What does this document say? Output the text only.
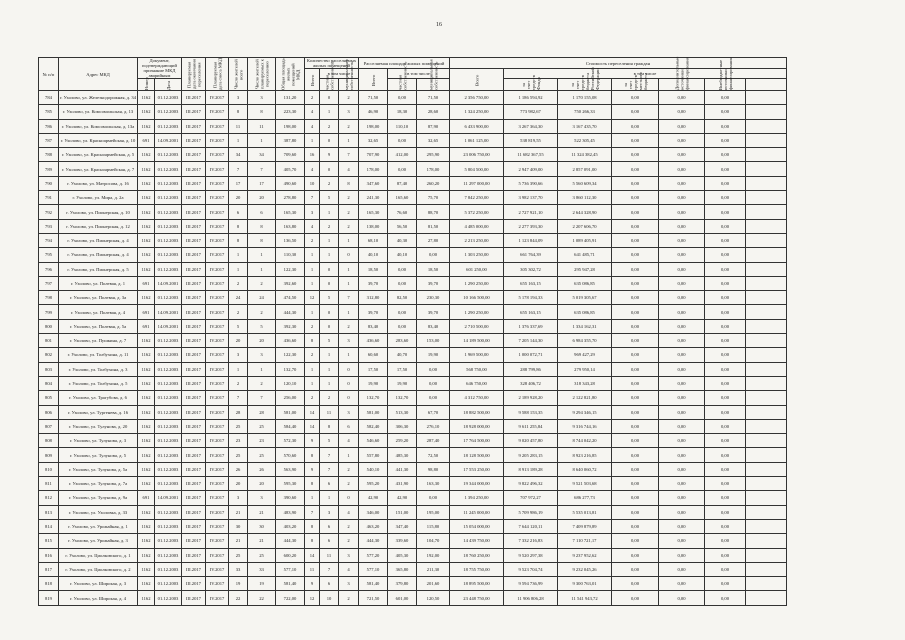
16
№ п/п	Адрес МКД	Документ, подтверждающий признание МКД аварийным		Планируемая дата окончания переселения	Планируемая дата сноса МКД	Число жителей всего	Число жителей планируемых к переселению	Общая площадь жилых помещений МКД	Количество расселяемых жилых помещений			Расселяемая площадь жилых помещений			Стоимость переселения граждан						
									Всего	в том числе		Всего	в том числе		Всего	в том числе					
		Номер	Дата							частная собственность	муниципальная собственность		частная собственность	муниципальная собственность		за счет средств Фонда	за счет средств бюджета Российской Федерации	за счет средств местного бюджета	Дополнительные источники финансирования	Внебюджетные источники финансирования	

784	г. Ухолово, ул. Железнодорожная, д. 34	1162	01.12.2003	III.2017	IV.2017	3	3	131,20	2	0	2	71,50	0,00	71,50	2 356 750,00	1 186 594,92	1 170 155,08	0,00	0,00	0,00	
785	г. Ухолово, ул. Комсомольская, д. 13	1162	01.12.2003	III.2017	IV.2017	8	8	223,30	4	1	3	46,90	18,30	28,60	1 324 250,00	773 982,67	750 266,33	0,00	0,00	0,00	
786	г. Ухолово, ул. Комсомольская, д. 13а	1162	01.12.2003	III.2017	IV.2017	11	11	198,00	4	2	2	198,00	110,10	87,90	6 433 900,00	3 267 364,30	3 167 435,70	0,00	0,00	0,00	
787	г. Ухолово, ул. Красноармейская, д. 10	691	14.09.2001	III.2017	IV.2017	1	1	387,80	1	0	1	32,65	0,00	32,65	1 061 125,00	538 819,55	522 305,45	0,00	0,00	0,00	
788	г. Ухолово, ул. Красноармейская, д. 5	1162	01.12.2003	III.2017	IV.2017	34	34	709,60	16	9	7	707,90	412,00	295,90	23 006 750,00	11 682 367,55	11 324 382,45	0,00	0,00	0,00	
789	г. Ухолово, ул. Красноармейская, д. 7	1162	01.12.2003	III.2017	IV.2017	7	7	405,70	4	0	4	178,00	0,00	178,00	5 804 500,00	2 947 409,00	2 857 091,00	0,00	0,00	0,00	
790	г. Ухолово, ул. Матросова, д. 16	1162	01.12.2003	III.2017	IV.2017	17	17	490,60	10	2	8	347,60	87,40	260,20	11 297 000,00	5 736 390,66	5 560 609,34	0,00	0,00	0,00	
791	г. Ухолово, ул. Мира, д. 2а	1162	01.12.2003	III.2017	IV.2017	20	20	278,80	7	5	2	241,30	165,60	75,70	7 842 250,00	3 982 137,70	3 860 112,30	0,00	0,00	0,00	
792	г. Ухолово, ул. Пионерская, д. 10	1162	01.12.2003	III.2017	IV.2017	6	6	165,30	3	1	2	165,30	76,60	88,70	5 372 250,00	2 727 921,10	2 644 328,90	0,00	0,00	0,00	
793	г. Ухолово, ул. Пионерская, д. 12	1162	01.12.2003	III.2017	IV.2017	8	8	163,80	4	2	2	138,00	56,50	81,50	4 485 000,00	2 277 393,30	2 207 606,70	0,00	0,00	0,00	
794	г. Ухолово, ул. Пионерская, д. 4	1162	01.12.2003	III.2017	IV.2017	8	8	136,50	2	1	1	68,10	40,30	27,80	2 213 250,00	1 123 844,09	1 089 405,91	0,00	0,00	0,00	
795	г. Ухолово, ул. Пионерская, д. 4	1162	01.12.2003	III.2017	IV.2017	1	1	110,30	1	1	0	40,10	40,10	0,00	1 303 250,00	661 764,39	641 485,71	0,00	0,00	0,00	
796	г. Ухолово, ул. Пионерская, д. 5	1162	01.12.2003	III.2017	IV.2017	1	1	122,30	1	0	1	18,50	0,00	18,50	601 250,00	305 302,72	295 947,28	0,00	0,00	0,00	
797	г. Ухолово, ул. Полевая, д. 1	691	14.09.2001	III.2017	IV.2017	2	2	392,60	1	0	1	39,70	0,00	39,70	1 290 250,00	655 163,15	635 086,85	0,00	0,00	0,00	
798	г. Ухолово, ул. Полевая, д. 3а	1162	01.12.2003	III.2017	IV.2017	24	24	474,50	12	5	7	312,80	82,50	230,30	10 166 500,00	5 178 194,33	5 019 305,67	0,00	0,00	0,00	
799	г. Ухолово, ул. Полевая, д. 4	691	14.09.2001	III.2017	IV.2017	2	2	444,30	1	0	1	39,70	0,00	39,70	1 290 250,00	655 163,15	635 086,85	0,00	0,00	0,00	
800	г. Ухолово, ул. Полевая, д. 5а	691	14.09.2001	III.2017	IV.2017	5	5	392,30	2	0	2	83,40	0,00	83,40	2 710 500,00	1 376 337,69	1 334 162,31	0,00	0,00	0,00	
801	г. Ухолово, ул. Пушкина, д. 7	1162	01.12.2003	III.2017	IV.2017	20	20	436,60	8	5	3	436,60	283,60	153,00	14 189 500,00	7 205 144,30	6 984 355,70	0,00	0,00	0,00	
802	г. Ухолово, ул. Толбухина, д. 11	1162	01.12.2003	III.2017	IV.2017	3	3	122,30	2	1	1	60,60	40,70	19,90	1 969 500,00	1 000 072,71	969 427,29	0,00	0,00	0,00	
803	г. Ухолово, ул. Толбухина, д. 3	1162	01.12.2003	III.2017	IV.2017	1	1	132,70	1	1	0	17,50	17,50	0,00	568 750,00	288 799,86	279 950,14	0,00	0,00	0,00	
804	г. Ухолово, ул. Толбухина, д. 5	1162	01.12.2003	III.2017	IV.2017	2	2	120,10	1	1	0	19,90	19,90	0,00	646 750,00	328 406,72	318 343,28	0,00	0,00	0,00	
805	г. Ухолово, ул. Трагубова, д. 6	1162	01.12.2003	III.2017	IV.2017	7	7	256,00	2	2	0	132,70	132,70	0,00	4 312 750,00	2 189 928,20	2 122 821,80	0,00	0,00	0,00	
806	г. Ухолово, ул. Тургенева, д. 16	1162	01.12.2003	III.2017	IV.2017	28	28	581,00	14	11	3	581,00	513,30	67,70	18 882 500,00	9 588 153,35	9 294 346,15	0,00	0,00	0,00	
807	г. Ухолово, ул. Тулунова, д. 20	1162	01.12.2003	III.2017	IV.2017	25	25	584,40	14	8	6	582,40	306,30	276,10	18 928 000,00	9 611 255,84	9 316 744,16	0,00	0,00	0,00	
808	г. Ухолово, ул. Тулунова, д. 3	1162	01.12.2003	III.2017	IV.2017	23	23	572,30	9	5	4	546,60	259,20	287,40	17 764 500,00	9 020 457,80	8 744 042,20	0,00	0,00	0,00	
809	г. Ухолово, ул. Тулунова, д. 5	1162	01.12.2003	III.2017	IV.2017	25	25	570,60	8	7	1	557,80	485,30	72,50	18 128 500,00	9 205 283,15	8 923 216,85	0,00	0,00	0,00	
810	г. Ухолово, ул. Тулунова, д. 5а	1162	01.12.2003	III.2017	IV.2017	26	26	563,90	9	7	2	540,10	441,30	98,80	17 553 250,00	8 913 189,28	8 640 060,72	0,00	0,00	0,00	
811	г. Ухолово, ул. Тулунова, д. 7а	1162	01.12.2003	III.2017	IV.2017	20	20	595,30	8	6	2	595,20	431,90	163,30	19 344 000,00	9 822 496,32	9 521 503,68	0,00	0,00	0,00	
812	г. Ухолово, ул. Тулунова, д. 9а	691	14.09.2001	III.2017	IV.2017	3	3	390,60	1	1	0	42,90	42,90	0,00	1 394 250,00	707 972,27	686 277,73	0,00	0,00	0,00	
813	г. Ухолово, ул. Ухоловка, д. 33	1162	01.12.2003	III.2017	IV.2017	21	21	483,90	7	3	4	346,00	151,00	195,00	11 245 000,00	5 709 986,19	5 535 013,81	0,00	0,00	0,00	
814	г. Ухолово, ул. Урожайная, д. 1	1162	01.12.2003	III.2017	IV.2017	30	30	403,20	8	6	2	463,20	347,40	115,80	15 054 000,00	7 644 120,11	7 409 879,89	0,00	0,00	0,00	
815	г. Ухолово, ул. Урожайная, д. 3	1162	01.12.2003	III.2017	IV.2017	21	21	444,30	8	6	2	444,30	339,60	104,70	14 439 750,00	7 332 216,83	7 110 721,17	0,00	0,00	0,00	
816	г. Ухолово, ул. Циолковского, д. 1	1162	01.12.2003	III.2017	IV.2017	25	25	600,20	14	11	3	577,20	405,30	192,00	18 760 250,00	9 520 297,38	9 237 952,62	0,00	0,00	0,00	
817	г. Ухолово, ул. Циолковского, д. 2	1162	01.12.2003	III.2017	IV.2017	33	33	577,10	11	7	4	577,10	365,80	211,30	18 755 750,00	9 523 704,74	9 232 045,26	0,00	0,00	0,00	
818	г. Ухолово, ул. Широкая, д. 3	1162	01.12.2003	III.2017	IV.2017	19	19	581,40	9	6	3	581,40	379,80	201,60	18 895 500,00	9 594 736,99	9 300 763,01	0,00	0,00	0,00	
819	г. Ухолово, ул. Широкая, д. 4	1162	01.12.2003	III.2017	IV.2017	22	22	722,00	12	10	2	721,50	601,00	120,50	23 448 750,00	11 906 806,28	11 541 943,72	0,00	0,00	0,00	
